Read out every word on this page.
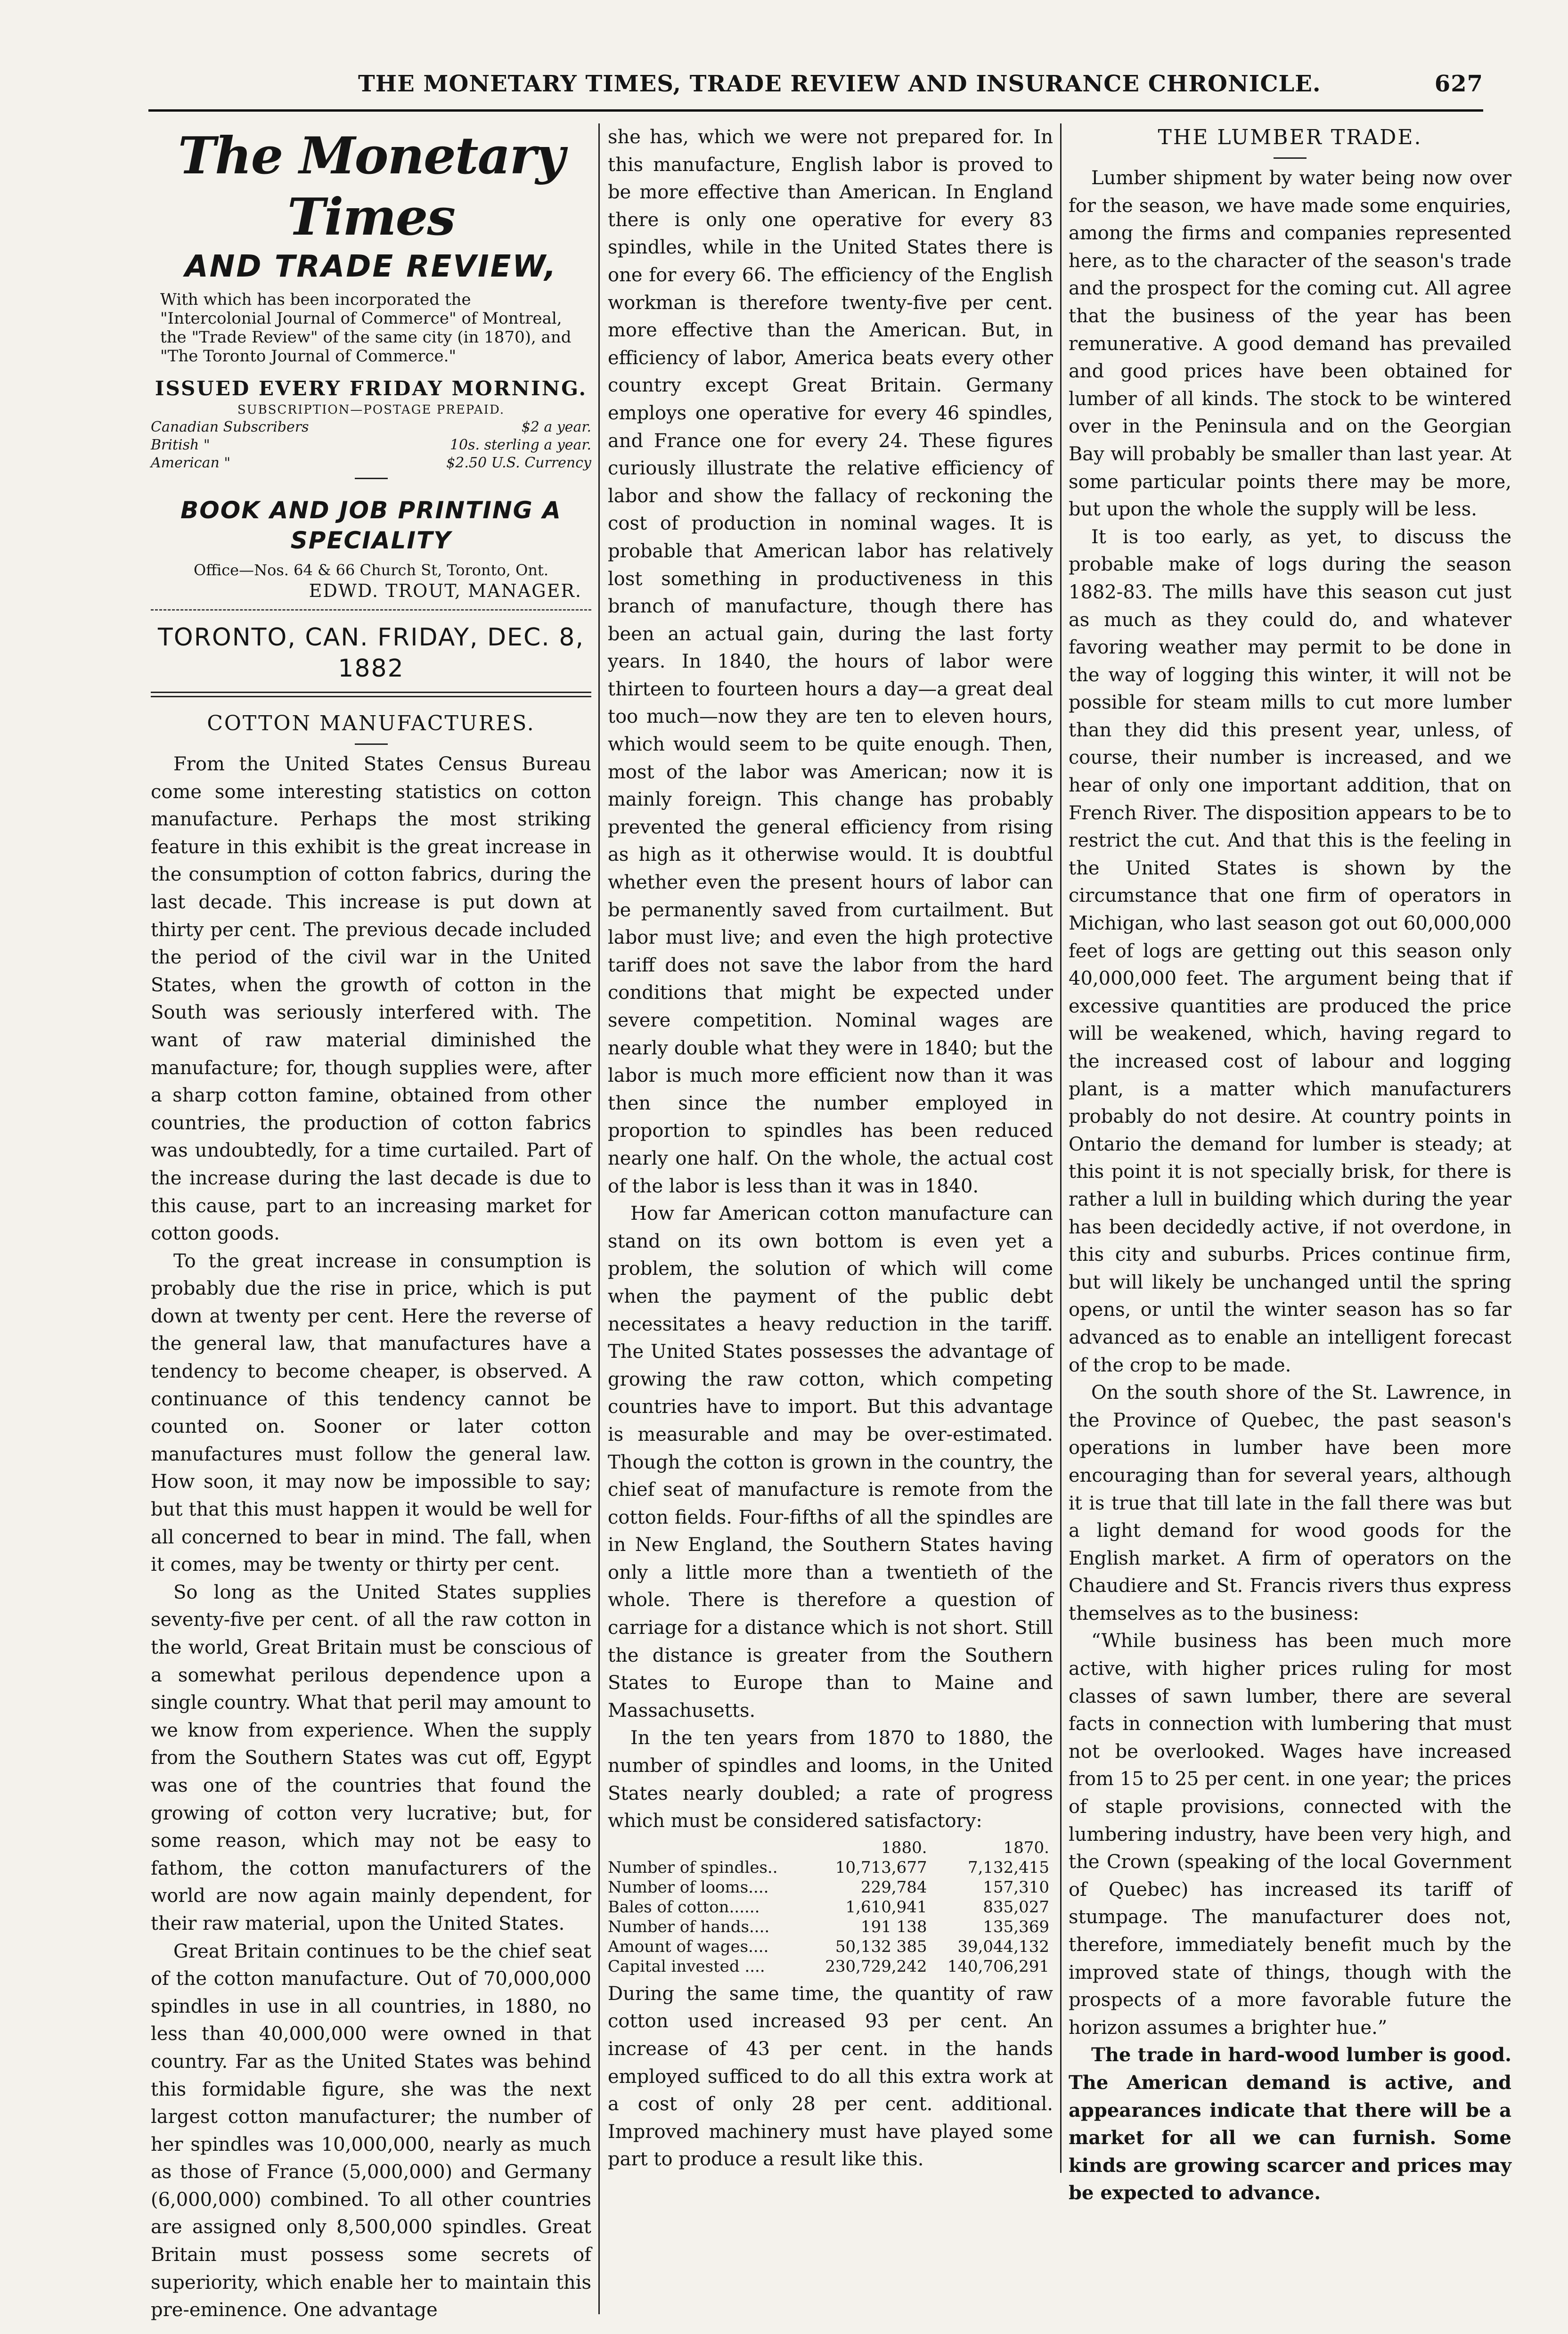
THE MONETARY TIMES, TRADE REVIEW AND INSURANCE CHRONICLE.	627
The Monetary Times
AND TRADE REVIEW,

With which has been incorporated the "Intercolonial Journal of Commerce" of Montreal, the "Trade Review" of the same city (in 1870), and "The Toronto Journal of Commerce."

ISSUED EVERY FRIDAY MORNING.
SUBSCRIPTION—POSTAGE PREPAID.
Canadian Subscribers	$2 a year.
British "	10s. sterling a year.
American "	$2.50 U.S. Currency
BOOK AND JOB PRINTING A SPECIALITY
Office—Nos. 64 & 66 Church St, Toronto, Ont.
EDWD. TROUT, MANAGER.
TORONTO, CAN. FRIDAY, DEC. 8, 1882
COTTON MANUFACTURES.

From the United States Census Bureau come some interesting statistics on cotton manufacture. Perhaps the most striking feature in this exhibit is the great increase in the consumption of cotton fabrics, during the last decade. This increase is put down at thirty per cent. The previous decade included the period of the civil war in the United States, when the growth of cotton in the South was seriously interfered with. The want of raw material diminished the manufacture; for, though supplies were, after a sharp cotton famine, obtained from other countries, the production of cotton fabrics was undoubtedly, for a time curtailed. Part of the increase during the last decade is due to this cause, part to an increasing market for cotton goods.

To the great increase in consumption is probably due the rise in price, which is put down at twenty per cent. Here the reverse of the general law, that manufactures have a tendency to become cheaper, is observed. A continuance of this tendency cannot be counted on. Sooner or later cotton manufactures must follow the general law. How soon, it may now be impossible to say; but that this must happen it would be well for all concerned to bear in mind. The fall, when it comes, may be twenty or thirty per cent.

So long as the United States supplies seventy-five per cent. of all the raw cotton in the world, Great Britain must be conscious of a somewhat perilous dependence upon a single country. What that peril may amount to we know from experience. When the supply from the Southern States was cut off, Egypt was one of the countries that found the growing of cotton very lucrative; but, for some reason, which may not be easy to fathom, the cotton manufacturers of the world are now again mainly dependent, for their raw material, upon the United States.

Great Britain continues to be the chief seat of the cotton manufacture. Out of 70,000,000 spindles in use in all countries, in 1880, no less than 40,000,000 were owned in that country. Far as the United States was behind this formidable figure, she was the next largest cotton manufacturer; the number of her spindles was 10,000,000, nearly as much as those of France (5,000,000) and Germany (6,000,000) combined. To all other countries are assigned only 8,500,000 spindles. Great Britain must possess some secrets of superiority, which enable her to maintain this pre-eminence. One advantage

she has, which we were not prepared for. In this manufacture, English labor is proved to be more effective than American. In England there is only one operative for every 83 spindles, while in the United States there is one for every 66. The efficiency of the English workman is therefore twenty-five per cent. more effective than the American. But, in efficiency of labor, America beats every other country except Great Britain. Germany employs one operative for every 46 spindles, and France one for every 24. These figures curiously illustrate the relative efficiency of labor and show the fallacy of reckoning the cost of production in nominal wages. It is probable that American labor has relatively lost something in productiveness in this branch of manufacture, though there has been an actual gain, during the last forty years. In 1840, the hours of labor were thirteen to fourteen hours a day—a great deal too much—now they are ten to eleven hours, which would seem to be quite enough. Then, most of the labor was American; now it is mainly foreign. This change has probably prevented the general efficiency from rising as high as it otherwise would. It is doubtful whether even the present hours of labor can be permanently saved from curtailment. But labor must live; and even the high protective tariff does not save the labor from the hard conditions that might be expected under severe competition. Nominal wages are nearly double what they were in 1840; but the labor is much more efficient now than it was then since the number employed in proportion to spindles has been reduced nearly one half. On the whole, the actual cost of the labor is less than it was in 1840.

How far American cotton manufacture can stand on its own bottom is even yet a problem, the solution of which will come when the payment of the public debt necessitates a heavy reduction in the tariff. The United States possesses the advantage of growing the raw cotton, which competing countries have to import. But this advantage is measurable and may be over-estimated. Though the cotton is grown in the country, the chief seat of manufacture is remote from the cotton fields. Four-fifths of all the spindles are in New England, the Southern States having only a little more than a twentieth of the whole. There is therefore a question of carriage for a distance which is not short. Still the distance is greater from the Southern States to Europe than to Maine and Massachusetts.

In the ten years from 1870 to 1880, the number of spindles and looms, in the United States nearly doubled; a rate of progress which must be considered satisfactory:

	1880.	1870.
Number of spindles..	10,713,677	7,132,415
Number of looms....	229,784	157,310
Bales of cotton......	1,610,941	835,027
Number of hands....	191 138	135,369
Amount of wages....	50,132 385	39,044,132
Capital invested ....	230,729,242	140,706,291

During the same time, the quantity of raw cotton used increased 93 per cent. An increase of 43 per cent. in the hands employed sufficed to do all this extra work at a cost of only 28 per cent. additional. Improved machinery must have played some part to produce a result like this.

THE LUMBER TRADE.

Lumber shipment by water being now over for the season, we have made some enquiries, among the firms and companies represented here, as to the character of the season's trade and the prospect for the coming cut. All agree that the business of the year has been remunerative. A good demand has prevailed and good prices have been obtained for lumber of all kinds. The stock to be wintered over in the Peninsula and on the Georgian Bay will probably be smaller than last year. At some particular points there may be more, but upon the whole the supply will be less.

It is too early, as yet, to discuss the probable make of logs during the season 1882-83. The mills have this season cut just as much as they could do, and whatever favoring weather may permit to be done in the way of logging this winter, it will not be possible for steam mills to cut more lumber than they did this present year, unless, of course, their number is increased, and we hear of only one important addition, that on French River. The disposition appears to be to restrict the cut. And that this is the feeling in the United States is shown by the circumstance that one firm of operators in Michigan, who last season got out 60,000,000 feet of logs are getting out this season only 40,000,000 feet. The argument being that if excessive quantities are produced the price will be weakened, which, having regard to the increased cost of labour and logging plant, is a matter which manufacturers probably do not desire. At country points in Ontario the demand for lumber is steady; at this point it is not specially brisk, for there is rather a lull in building which during the year has been decidedly active, if not overdone, in this city and suburbs. Prices continue firm, but will likely be unchanged until the spring opens, or until the winter season has so far advanced as to enable an intelligent forecast of the crop to be made.

On the south shore of the St. Lawrence, in the Province of Quebec, the past season's operations in lumber have been more encouraging than for several years, although it is true that till late in the fall there was but a light demand for wood goods for the English market. A firm of operators on the Chaudiere and St. Francis rivers thus express themselves as to the business:

“While business has been much more active, with higher prices ruling for most classes of sawn lumber, there are several facts in connection with lumbering that must not be overlooked. Wages have increased from 15 to 25 per cent. in one year; the prices of staple provisions, connected with the lumbering industry, have been very high, and the Crown (speaking of the local Government of Quebec) has increased its tariff of stumpage. The manufacturer does not, therefore, immediately benefit much by the improved state of things, though with the prospects of a more favorable future the horizon assumes a brighter hue.”

The trade in hard-wood lumber is good. The American demand is active, and appearances indicate that there will be a market for all we can furnish. Some kinds are growing scarcer and prices may be expected to advance.
